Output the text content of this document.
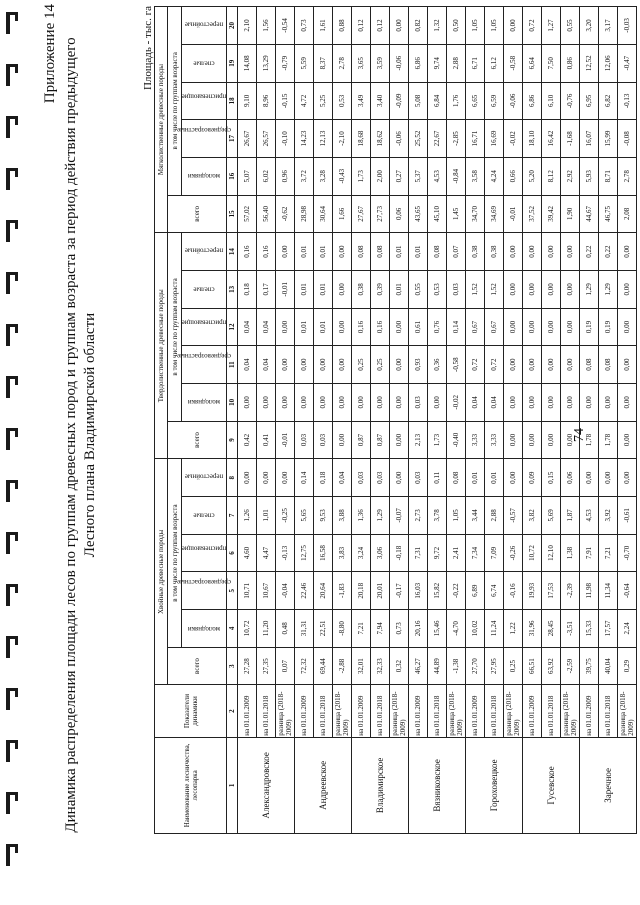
Приложение 14 Динамика распределения площади лесов по группам древесных пород и группам возраста за период действия предыдущего Лесного плана Владимирской области
Площадь - тыс. га
Наименование лесничества, лесопарка	Показатели динамики	Хвойные древесные породы						Твердолиственные древесные породы						Мягколиственные древесные породы					
		всего	в том числе по группам возраста					всего	в том числе по группам возраста					всего	в том числе по группам возраста				
			молодняки	средневозрастные	приспевающие	спелые	перестойные		молодняки	средневозрастные	приспевающие	спелые	перестойные		молодняки	средневозрастные	приспевающие	спелые	перестойные
1	2	3	4	5	6	7	8	9	10	11	12	13	14	15	16	17	18	19	20
Александровское	на 01.01.2009	27,28	10,72	10,71	4,60	1,26	0,00	0,42	0,00	0,04	0,04	0,18	0,16	57,02	5,07	26,67	9,10	14,08	2,10
	на 01.01.2018	27,35	11,20	10,67	4,47	1,01	0,00	0,41	0,00	0,04	0,04	0,17	0,16	56,40	6,02	26,57	8,96	13,29	1,56
	разница (2018-2009)	0,07	0,48	-0,04	-0,13	-0,25	0,00	-0,01	0,00	0,00	0,00	-0,01	0,00	-0,62	0,96	-0,10	-0,15	-0,79	-0,54
Андреевское	на 01.01.2009	72,32	31,31	22,46	12,75	5,65	0,14	0,03	0,00	0,00	0,01	0,01	0,01	28,98	3,72	14,23	4,72	5,59	0,73
	на 01.01.2018	69,44	22,51	20,64	16,58	9,53	0,18	0,03	0,00	0,00	0,01	0,01	0,01	30,64	3,28	12,13	5,25	8,37	1,61
	разница (2018-2009)	-2,88	-8,80	-1,83	3,83	3,88	0,04	0,00	0,00	0,00	0,00	0,00	0,00	1,66	-0,43	-2,10	0,53	2,78	0,88
Владимирское	на 01.01.2009	32,01	7,21	20,18	3,24	1,36	0,03	0,87	0,00	0,25	0,16	0,38	0,08	27,67	1,73	18,68	3,49	3,65	0,12
	на 01.01.2018	32,33	7,94	20,01	3,06	1,29	0,03	0,87	0,00	0,25	0,16	0,39	0,08	27,73	2,00	18,62	3,40	3,59	0,12
	разница (2018-2009)	0,32	0,73	-0,17	-0,18	-0,07	0,00	0,00	0,00	0,00	0,00	0,01	0,01	0,06	0,27	-0,06	-0,09	-0,06	0,00
Вязниковское	на 01.01.2009	46,27	20,16	16,03	7,31	2,73	0,03	2,13	0,03	0,93	0,61	0,55	0,01	43,65	5,37	25,52	5,08	6,86	0,82
	на 01.01.2018	44,89	15,46	15,82	9,72	3,78	0,11	1,73	0,00	0,36	0,76	0,53	0,08	45,10	4,53	22,67	6,84	9,74	1,32
	разница (2018-2009)	-1,38	-4,70	-0,22	2,41	1,05	0,08	-0,40	-0,02	-0,58	0,14	0,03	0,07	1,45	-0,84	-2,85	1,76	2,88	0,50
Гороховецкое	на 01.01.2009	27,70	10,02	6,89	7,34	3,44	0,01	3,33	0,04	0,72	0,67	1,52	0,38	34,70	3,58	16,71	6,65	6,71	1,05
	на 01.01.2018	27,95	11,24	6,74	7,09	2,88	0,01	3,33	0,04	0,72	0,67	1,52	0,38	34,69	4,24	16,69	6,59	6,12	1,05
	разница (2018-2009)	0,25	1,22	-0,16	-0,26	-0,57	0,00	0,00	0,00	0,00	0,00	0,00	0,00	-0,01	0,66	-0,02	-0,06	-0,58	0,00
Гусевское	на 01.01.2009	66,51	31,96	19,93	10,72	3,82	0,09	0,00	0,00	0,00	0,00	0,00	0,00	37,52	5,20	18,10	6,86	6,64	0,72
	на 01.01.2018	63,92	28,45	17,53	12,10	5,69	0,15	0,00	0,00	0,00	0,00	0,00	0,00	39,42	8,12	16,42	6,10	7,50	1,27
	разница (2018-2009)	-2,59	-3,51	-2,39	1,38	1,87	0,06	0,00	0,00	0,00	0,00	0,00	0,00	1,90	2,92	-1,68	-0,76	0,86	0,55
Заречное	на 01.01.2009	39,75	15,33	11,98	7,91	4,53	0,00	1,78	0,00	0,08	0,19	1,29	0,22	44,67	5,93	16,07	6,95	12,52	3,20
	на 01.01.2018	40,04	17,57	11,34	7,21	3,92	0,00	1,78	0,00	0,08	0,19	1,29	0,22	46,75	8,71	15,99	6,82	12,06	3,17
	разница (2018-2009)	0,29	2,24	-0,64	-0,70	-0,61	0,00	0,00	0,00	0,00	0,00	0,00	0,00	2,08	2,78	-0,08	-0,13	-0,47	-0,03
74
